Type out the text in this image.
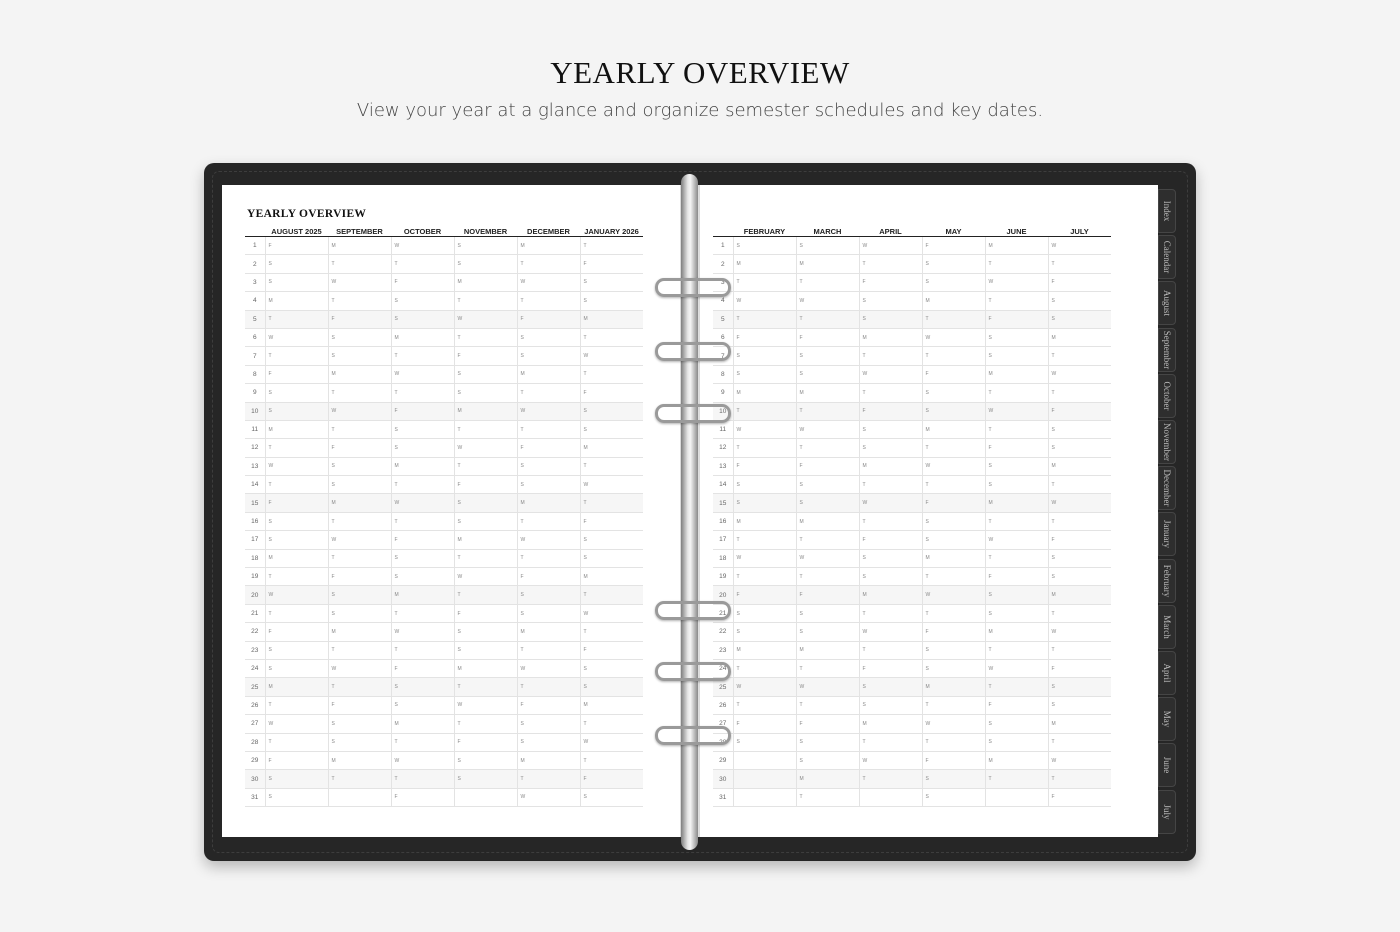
YEARLY OVERVIEW
View your year at a glance and organize semester schedules and key dates.
YEARLY OVERVIEW
	AUGUST 2025	SEPTEMBER	OCTOBER	NOVEMBER	DECEMBER	JANUARY 2026
1	F	M	W	S	M	T
2	S	T	T	S	T	F
3	S	W	F	M	W	S
4	M	T	S	T	T	S
5	T	F	S	W	F	M
6	W	S	M	T	S	T
7	T	S	T	F	S	W
8	F	M	W	S	M	T
9	S	T	T	S	T	F
10	S	W	F	M	W	S
11	M	T	S	T	T	S
12	T	F	S	W	F	M
13	W	S	M	T	S	T
14	T	S	T	F	S	W
15	F	M	W	S	M	T
16	S	T	T	S	T	F
17	S	W	F	M	W	S
18	M	T	S	T	T	S
19	T	F	S	W	F	M
20	W	S	M	T	S	T
21	T	S	T	F	S	W
22	F	M	W	S	M	T
23	S	T	T	S	T	F
24	S	W	F	M	W	S
25	M	T	S	T	T	S
26	T	F	S	W	F	M
27	W	S	M	T	S	T
28	T	S	T	F	S	W
29	F	M	W	S	M	T
30	S	T	T	S	T	F
31	S		F		W	S
	FEBRUARY	MARCH	APRIL	MAY	JUNE	JULY
1	S	S	W	F	M	W
2	M	M	T	S	T	T
3	T	T	F	S	W	F
4	W	W	S	M	T	S
5	T	T	S	T	F	S
6	F	F	M	W	S	M
7	S	S	T	T	S	T
8	S	S	W	F	M	W
9	M	M	T	S	T	T
10	T	T	F	S	W	F
11	W	W	S	M	T	S
12	T	T	S	T	F	S
13	F	F	M	W	S	M
14	S	S	T	T	S	T
15	S	S	W	F	M	W
16	M	M	T	S	T	T
17	T	T	F	S	W	F
18	W	W	S	M	T	S
19	T	T	S	T	F	S
20	F	F	M	W	S	M
21	S	S	T	T	S	T
22	S	S	W	F	M	W
23	M	M	T	S	T	T
24	T	T	F	S	W	F
25	W	W	S	M	T	S
26	T	T	S	T	F	S
27	F	F	M	W	S	M
28	S	S	T	T	S	T
29		S	W	F	M	W
30		M	T	S	T	T
31		T		S		F
Index
Calendar
August
September
October
November
December
January
February
March
April
May
June
July
